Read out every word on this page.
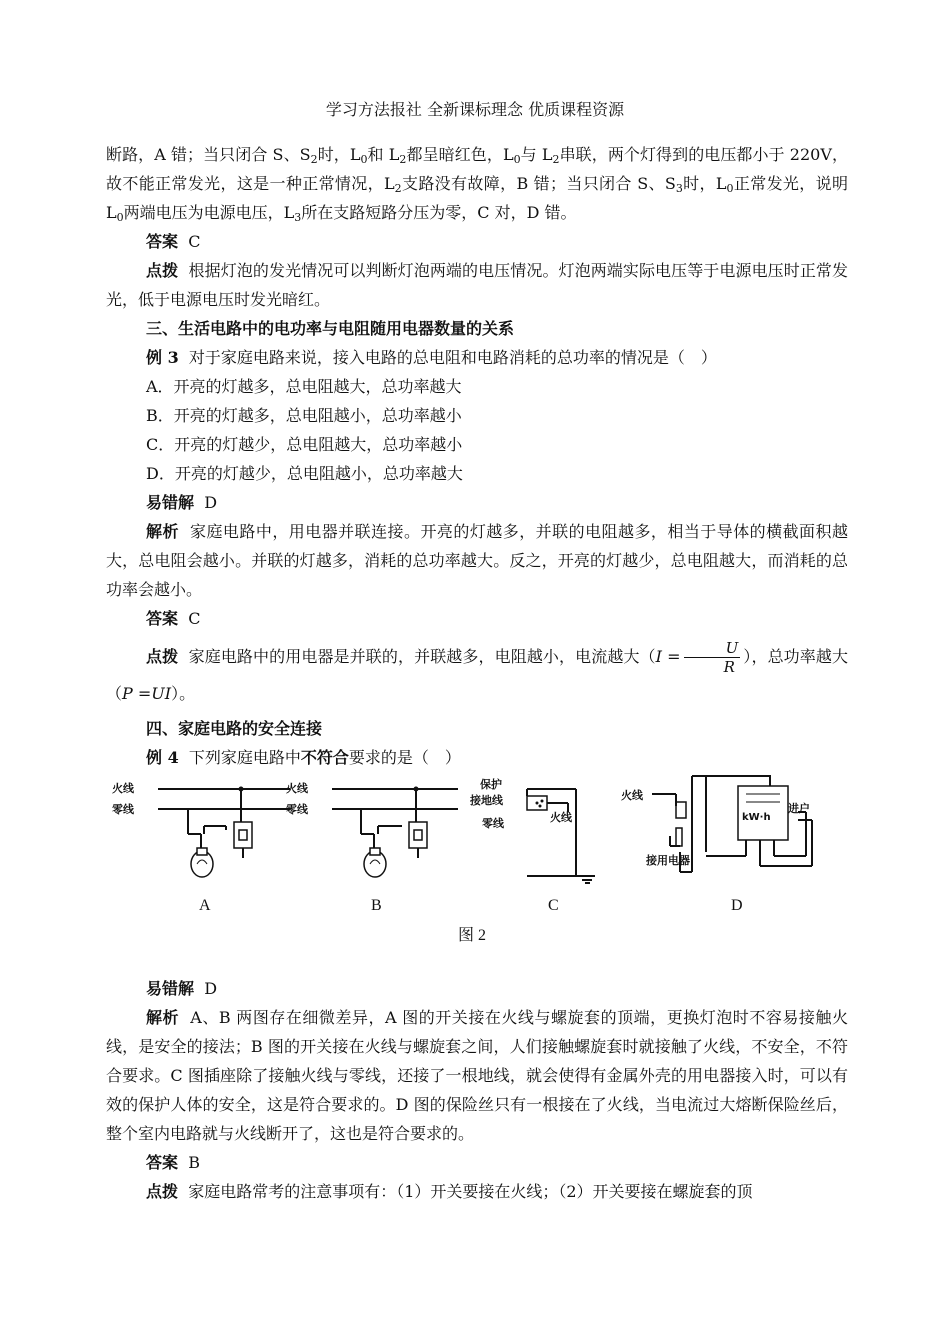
学习方法报社 全新课标理念 优质课程资源

断路，A 错；当只闭合 S、$S_2$时，$L_0$和 $L_2$都呈暗红色，$L_0$与 $L_2$串联，两个灯得到的电压都小于 220V，故不能正常发光，这是一种正常情况，$L_2$支路没有故障，B 错；当只闭合 S、$S_3$时，$L_0$正常发光，说明 $L_0$两端电压为电源电压，$L_3$所在支路短路分压为零，C 对，D 错。

答案 C

点拨 根据灯泡的发光情况可以判断灯泡两端的电压情况。灯泡两端实际电压等于电源电压时正常发光，低于电源电压时发光暗红。

三、生活电路中的电功率与电阻随用电器数量的关系

例 3 对于家庭电路来说，接入电路的总电阻和电路消耗的总功率的情况是（　）

A．开亮的灯越多，总电阻越大，总功率越大
B．开亮的灯越多，总电阻越小，总功率越小
C．开亮的灯越少，总电阻越大，总功率越小
D．开亮的灯越少，总电阻越小，总功率越大

易错解 D

解析 家庭电路中，用电器并联连接。开亮的灯越多，并联的电阻越多，相当于导体的横截面积越大，总电阻会越小。并联的灯越多，消耗的总功率越大。反之，开亮的灯越少，总电阻越大，而消耗的总功率会越小。

答案 C

点拨 家庭电路中的用电器是并联的，并联越多，电阻越小，电流越大（$I = \frac{U}{R}$ ），总功率越大（P =UI）。

四、家庭电路的安全连接

例 4 下列家庭电路中不符合要求的是（　）

火线
零线
火线
零线
保护
接地线
零线	火线
火线
kW·h
进户
接用电器
A	B	C	D
图 2

易错解 D

解析 A、B 两图存在细微差异，A 图的开关接在火线与螺旋套的顶端，更换灯泡时不容易接触火线，是安全的接法；B 图的开关接在火线与螺旋套之间，人们接触螺旋套时就接触了火线，不安全，不符合要求。C 图插座除了接触火线与零线，还接了一根地线，就会使得有金属外壳的用电器接入时，可以有效的保护人体的安全，这是符合要求的。D 图的保险丝只有一根接在了火线，当电流过大熔断保险丝后，整个室内电路就与火线断开了，这也是符合要求的。

答案 B

点拨 家庭电路常考的注意事项有：（1）开关要接在火线；（2）开关要接在螺旋套的顶
